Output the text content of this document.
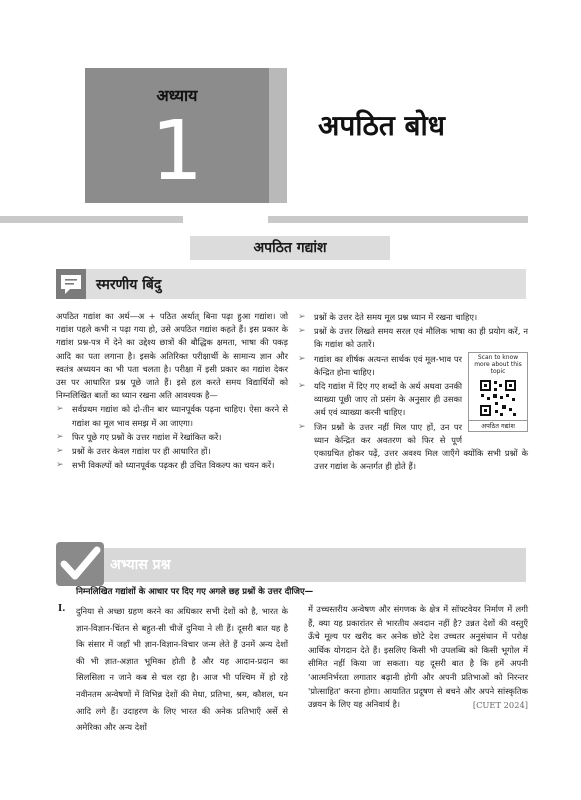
अध्याय
1	अपठित बोध
अपठित गद्यांश
स्मरणीय बिंदु

अपठित गद्यांश का अर्थ—अ + पठित अर्थात् बिना पढ़ा हुआ गद्यांश। जो गद्यांश पहले कभी न पढ़ा गया हो, उसे अपठित गद्यांश कहते हैं। इस प्रकार के गद्यांश प्रश्न-पत्र में देने का उद्देश्य छात्रों की बौद्धिक क्षमता, भाषा की पकड़ आदि का पता लगाना है। इसके अतिरिक्त परीक्षार्थी के सामान्य ज्ञान और स्वतंत्र अध्ययन का भी पता चलता है। परीक्षा में इसी प्रकार का गद्यांश देकर उस पर आधारित प्रश्न पूछे जाते हैं। इसे हल करते समय विद्यार्थियों को निम्नलिखित बातों का ध्यान रखना अति आवश्यक है—

➢ सर्वप्रथम गद्यांश को दो-तीन बार ध्यानपूर्वक पढ़ना चाहिए। ऐसा करने से गद्यांश का मूल भाव समझ में आ जाएगा।
➢ फिर पूछे गए प्रश्नों के उत्तर गद्यांश में रेखांकित करें।
➢ प्रश्नों के उत्तर केवल गद्यांश पर ही आधारित हों।
➢ सभी विकल्पों को ध्यानपूर्वक पढ़कर ही उचित विकल्प का चयन करें।
➢ प्रश्नों के उत्तर देते समय मूल प्रश्न ध्यान में रखना चाहिए।
➢ प्रश्नों के उत्तर लिखते समय सरल एवं मौलिक भाषा का ही प्रयोग करें, न कि गद्यांश को उतारें।
Scan to know more about this topic
अपठित गद्यांश
➢ गद्यांश का शीर्षक अत्यन्त सार्थक एवं मूल-भाव पर केन्द्रित होना चाहिए।
➢ यदि गद्यांश में दिए गए शब्दों के अर्थ अथवा उनकी व्याख्या पूछी जाए तो प्रसंग के अनुसार ही उसका अर्थ एवं व्याख्या करनी चाहिए।
➢ जिन प्रश्नों के उत्तर नहीं मिल पाए हों, उन पर ध्यान केन्द्रित कर अवतरण को फिर से पूर्ण एकाग्रचित होकर पढ़ें, उत्तर अवश्य मिल जाएँगे क्योंकि सभी प्रश्नों के उत्तर गद्यांश के अन्तर्गत ही होते हैं।
अभ्यास प्रश्न
निम्नलिखित गद्यांशों के आधार पर दिए गए अगले छह प्रश्नों के उत्तर दीजिए—
I. दुनिया से अच्छा ग्रहण करने का अधिकार सभी देशों को है, भारत के ज्ञान-विज्ञान-चिंतन से बहुत-सी चीजें दुनिया ने ली हैं। दूसरी बात यह है कि संसार में जहाँ भी ज्ञान-विज्ञान-विचार जन्म लेते हैं उनमें अन्य देशों की भी ज्ञात-अज्ञात भूमिका होती है और यह आदान-प्रदान का सिलसिला न जाने कब से चल रहा है। आज भी पश्चिम में हो रहे नवीनतम अन्वेषणों में विभिन्न देशों की मेधा, प्रतिभा, श्रम, कौशल, धन आदि लगे हैं। उदाहरण के लिए भारत की अनेक प्रतिभाएँ अर्से से अमेरिका और अन्य देशों

में उच्चस्तरीय अन्वेषण और संगणक के क्षेत्र में सॉफ्टवेयर निर्माण में लगी हैं, क्या यह प्रकारांतर से भारतीय अवदान नहीं है? उन्नत देशों की वस्तुएँ ऊँचे मूल्य पर खरीद कर अनेक छोटे देश उच्चतर अनुसंधान में परोक्ष आर्थिक योगदान देते हैं। इसलिए किसी भी उपलब्धि को किसी भूगोल में सीमित नहीं किया जा सकता। यह दूसरी बात है कि हमें अपनी 'आत्मनिर्भरता लगातार बढ़ानी होगी और अपनी प्रतिभाओं को निरन्तर 'प्रोत्साहित' करना होगा। आयातित प्रदूषण से बचने और अपने सांस्कृतिक उन्नयन के लिए यह अनिवार्य है।	[CUET 2024]
